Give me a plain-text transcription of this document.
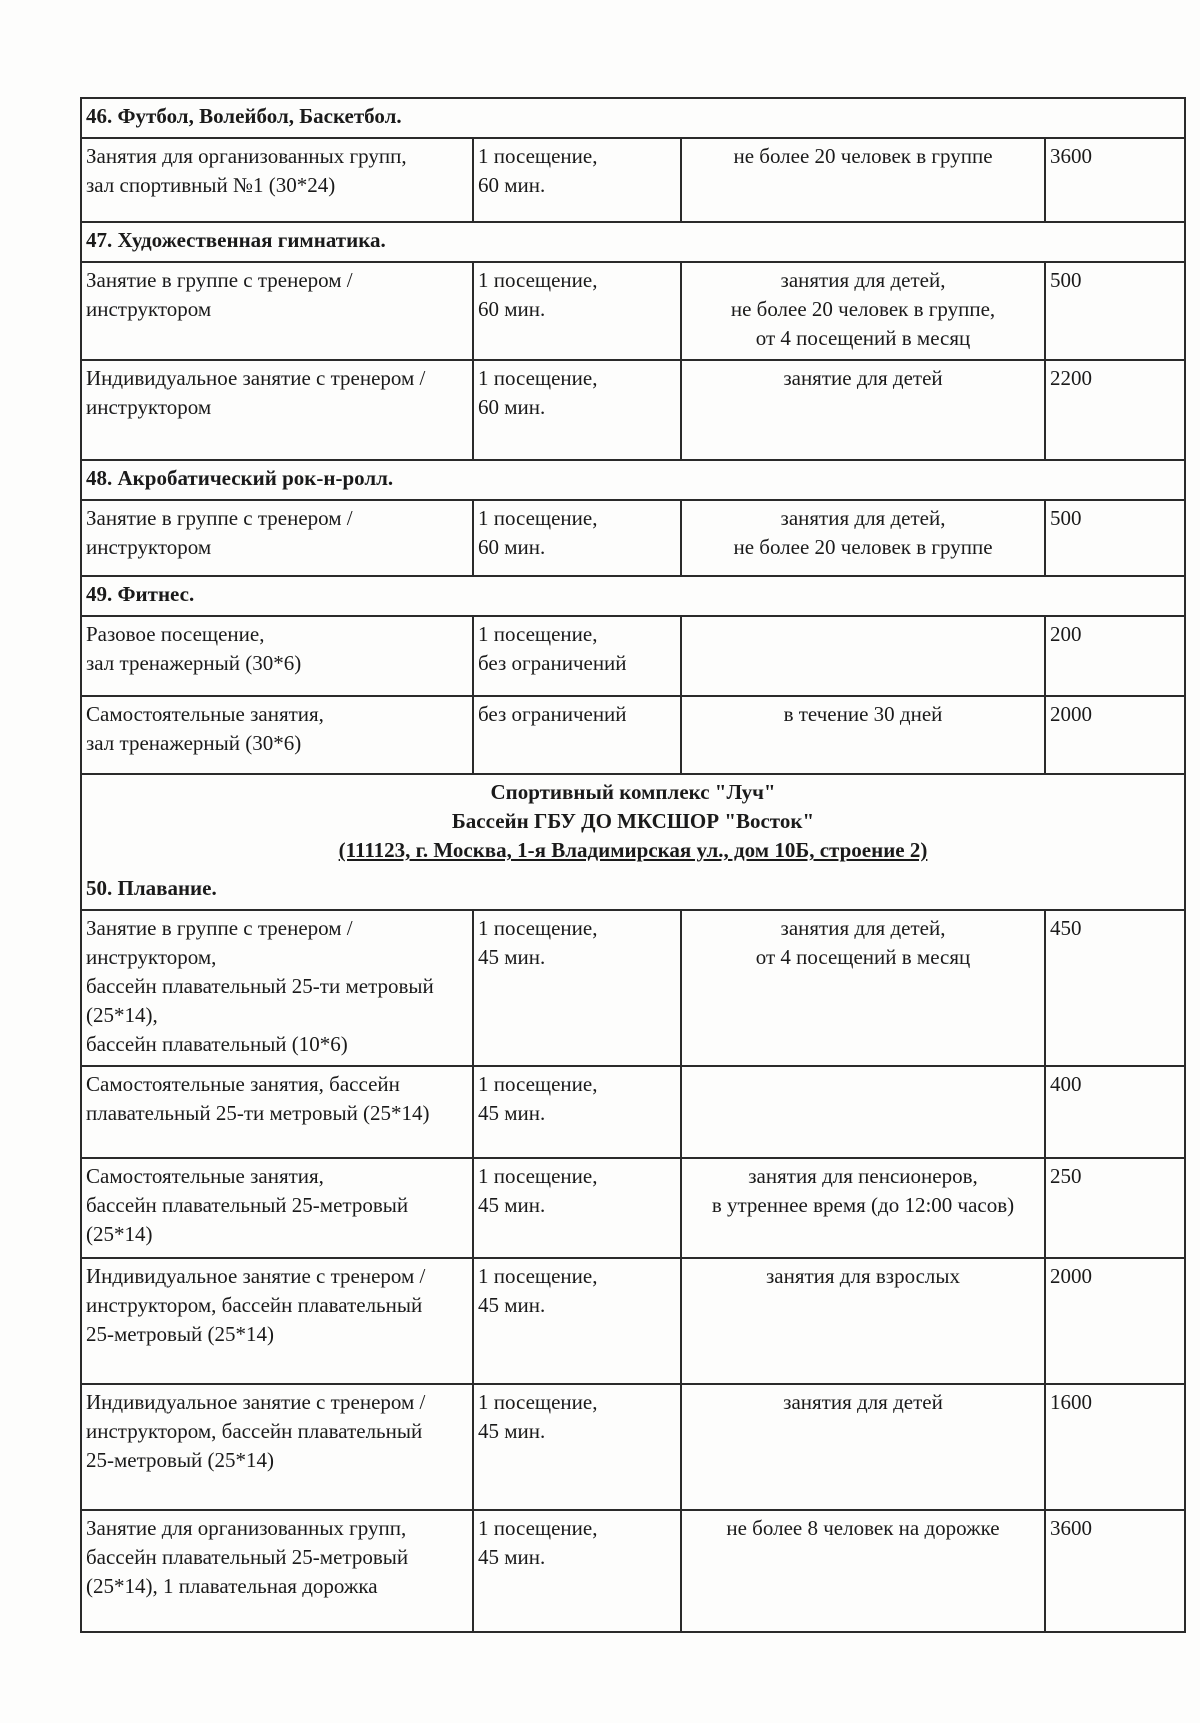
46. Футбол, Волейбол, Баскетбол.			

Занятия для организованных групп,
зал спортивный №1 (30*24)	1 посещение,
60 мин.	не более 20 человек в группе	3600
47. Художественная гимнатика.			

Занятие в группе с тренером /
инструктором	1 посещение,
60 мин.	занятия для детей,
не более 20 человек в группе,
от 4 посещений в месяц	500

Индивидуальное занятие с тренером /
инструктором	1 посещение,
60 мин.	занятие для детей	2200
48. Акробатический рок-н-ролл.			

Занятие в группе с тренером /
инструктором	1 посещение,
60 мин.	занятия для детей,
не более 20 человек в группе	500
49. Фитнес.			

Разовое посещение,
зал тренажерный (30*6)	1 посещение,
без ограничений		200

Самостоятельные занятия,
зал тренажерный (30*6)	без ограничений	в течение 30 дней	2000

Спортивный комплекс "Луч"
Бассейн ГБУ ДО МКСШОР "Восток"
(111123, г. Москва, 1-я Владимирская ул., дом 10Б, строение 2)			

50. Плавание.			

Занятие в группе с тренером /
инструктором,
бассейн плавательный 25-ти метровый
(25*14),
бассейн плавательный (10*6)	1 посещение,
45 мин.	занятия для детей,
от 4 посещений в месяц	450

Самостоятельные занятия, бассейн
плавательный 25-ти метровый (25*14)	1 посещение,
45 мин.		400

Самостоятельные занятия,
бассейн плавательный 25-метровый
(25*14)	1 посещение,
45 мин.	занятия для пенсионеров,
в утреннее время (до 12:00 часов)	250

Индивидуальное занятие с тренером /
инструктором, бассейн плавательный
25-метровый (25*14)	1 посещение,
45 мин.	занятия для взрослых	2000

Индивидуальное занятие с тренером /
инструктором, бассейн плавательный
25-метровый (25*14)	1 посещение,
45 мин.	занятия для детей	1600

Занятие для организованных групп,
бассейн плавательный 25-метровый
(25*14), 1 плавательная дорожка	1 посещение,
45 мин.	не более 8 человек на дорожке	3600
